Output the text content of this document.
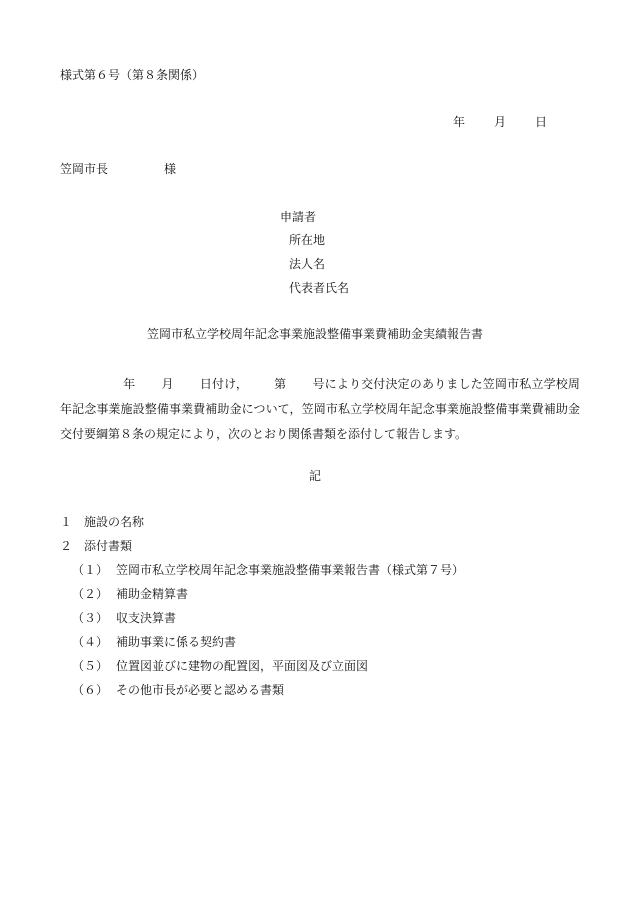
様式第６号（第８条関係）
年 月 日
笠岡市長	様
申請者
所在地
法人名
代表者氏名
笠岡市私立学校周年記念事業施設整備事業費補助金実績報告書
年 月 日付け， 第 号により交付決定のありました笠岡市私立学校周年記念事業施設整備事業費補助金について，笠岡市私立学校周年記念事業施設整備事業費補助金交付要綱第８条の規定により，次のとおり関係書類を添付して報告します。
記
１ 施設の名称
２ 添付書類
（１） 笠岡市私立学校周年記念事業施設整備事業報告書（様式第７号）
（２） 補助金精算書
（３） 収支決算書
（４） 補助事業に係る契約書
（５） 位置図並びに建物の配置図，平面図及び立面図
（６） その他市長が必要と認める書類
